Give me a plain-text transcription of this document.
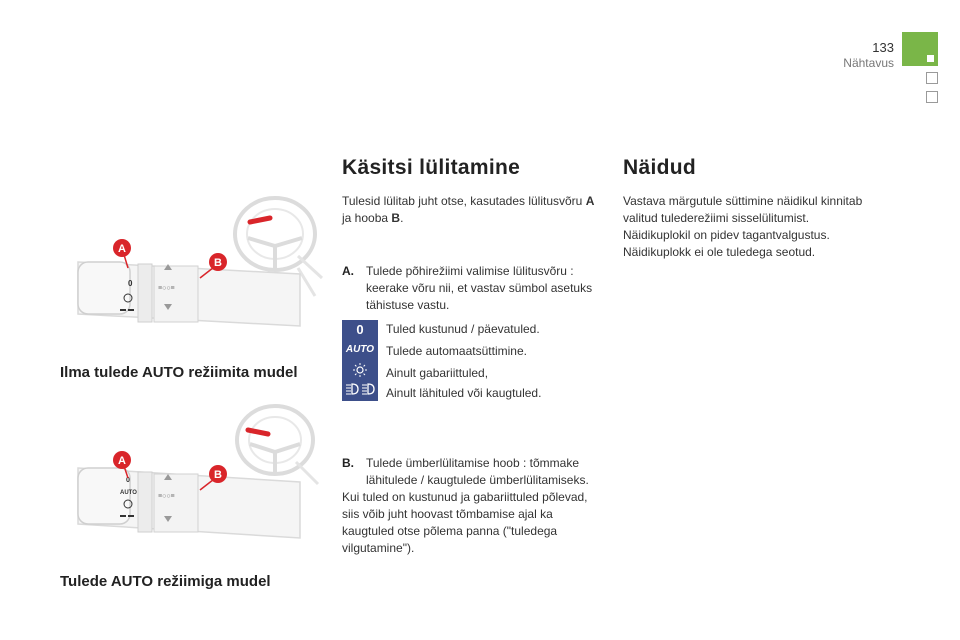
133
Nähtavus
0
≡○○≡
A
B
Ilma tulede AUTO režiimita mudel
0
AUTO	≡○○≡
A
B
Tulede AUTO režiimiga mudel
Käsitsi lülitamine
Tulesid lülitab juht otse, kasutades lülitusvõru A
ja hooba B.
A. Tulede põhirežiimi valimise lülitusvõru :
keerake võru nii, et vastav sümbol asetuks
tähistuse vastu.
0
AUTO
Tuled kustunud / päevatuled.
Tulede automaatsüttimine.
Ainult gabariittuled,
Ainult lähituled või kaugtuled.
B. Tulede ümberlülitamise hoob : tõmmake
lähitulede / kaugtulede ümberlülitamiseks.
Kui tuled on kustunud ja gabariittuled põlevad,
siis võib juht hoovast tõmbamise ajal ka
kaugtuled otse põlema panna ("tuledega
vilgutamine").
Näidud
Vastava märgutule süttimine näidikul kinnitab
valitud tulederežiimi sisselülitumist.
Näidikuplokil on pidev tagantvalgustus.
Näidikuplokk ei ole tuledega seotud.
